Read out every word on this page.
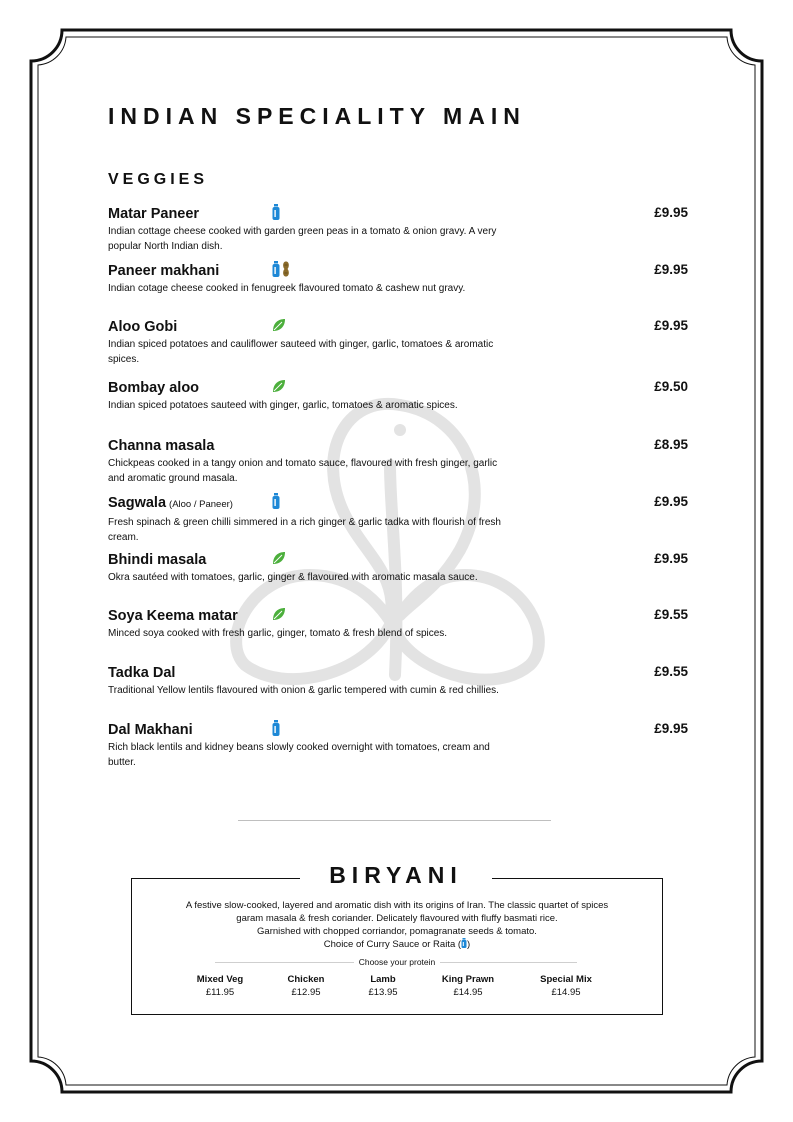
INDIAN SPECIALITY MAIN
VEGGIES
Matar Paneer	£9.95
Indian cottage cheese cooked with garden green peas in a tomato & onion gravy. A very popular North Indian dish.
Paneer makhani	£9.95
Indian cotage cheese cooked in fenugreek flavoured tomato & cashew nut gravy.
Aloo Gobi	£9.95
Indian spiced potatoes and cauliflower sauteed with ginger, garlic, tomatoes & aromatic spices.
Bombay aloo	£9.50
Indian spiced potatoes sauteed with ginger, garlic, tomatoes & aromatic spices.
Channa masala	£8.95
Chickpeas cooked in a tangy onion and tomato sauce, flavoured with fresh ginger, garlic and aromatic ground masala.
Sagwala (Aloo / Paneer)	£9.95
Fresh spinach & green chilli simmered in a rich ginger & garlic tadka with flourish of fresh cream.
Bhindi masala	£9.95
Okra sautéed with tomatoes, garlic, ginger & flavoured with aromatic masala sauce.
Soya Keema matar	£9.55
Minced soya cooked with fresh garlic, ginger, tomato & fresh blend of spices.
Tadka Dal	£9.55
Traditional Yellow lentils flavoured with onion & garlic tempered with cumin & red chillies.
Dal Makhani	£9.95
Rich black lentils and kidney beans slowly cooked overnight with tomatoes, cream and butter.
BIRYANI
A festive slow-cooked, layered and aromatic dish with its origins of Iran. The classic quartet of spices
garam masala & fresh coriander. Delicately flavoured with fluffy basmati rice.
Garnished with chopped corriandor, pomagranate seeds & tomato.
Choice of Curry Sauce or Raita ( )
Choose your protein
Mixed Veg
£11.95
Chicken
£12.95
Lamb
£13.95
King Prawn
£14.95
Special Mix
£14.95
